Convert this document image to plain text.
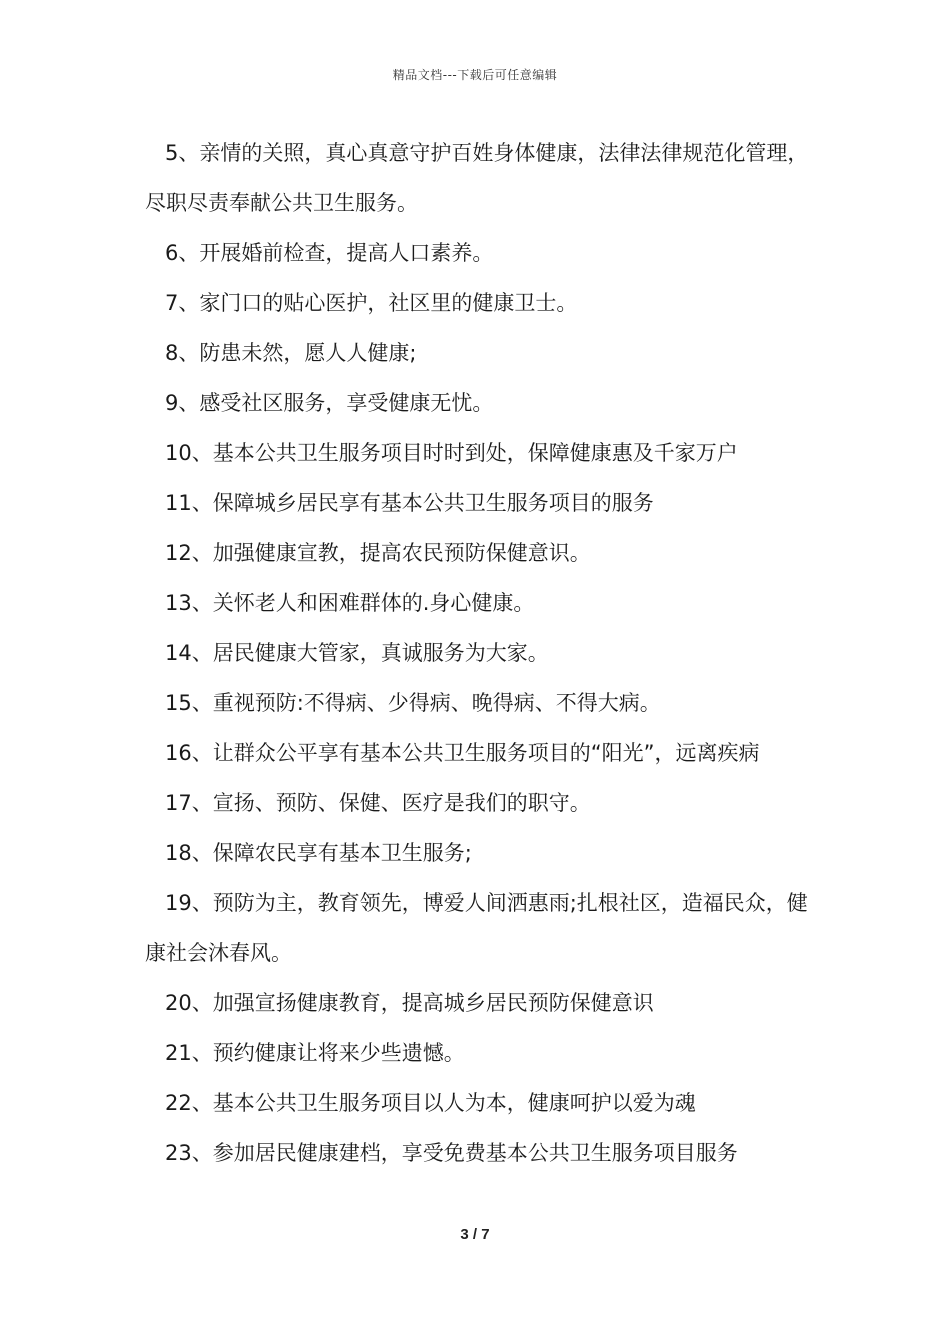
精品文档---下载后可任意编辑

5、亲情的关照，真心真意守护百姓身体健康，法律法律规范化管理，尽职尽责奉献公共卫生服务。

6、开展婚前检查，提高人口素养。

7、家门口的贴心医护，社区里的健康卫士。

8、防患未然，愿人人健康;

9、感受社区服务，享受健康无忧。

10、基本公共卫生服务项目时时到处，保障健康惠及千家万户

11、保障城乡居民享有基本公共卫生服务项目的服务

12、加强健康宣教，提高农民预防保健意识。

13、关怀老人和困难群体的.身心健康。

14、居民健康大管家，真诚服务为大家。

15、重视预防:不得病、少得病、晚得病、不得大病。

16、让群众公平享有基本公共卫生服务项目的“阳光”，远离疾病

17、宣扬、预防、保健、医疗是我们的职守。

18、保障农民享有基本卫生服务;

19、预防为主，教育领先，博爱人间洒惠雨;扎根社区，造福民众，健康社会沐春风。

20、加强宣扬健康教育，提高城乡居民预防保健意识

21、预约健康让将来少些遗憾。

22、基本公共卫生服务项目以人为本，健康呵护以爱为魂

23、参加居民健康建档，享受免费基本公共卫生服务项目服务

3 / 7
